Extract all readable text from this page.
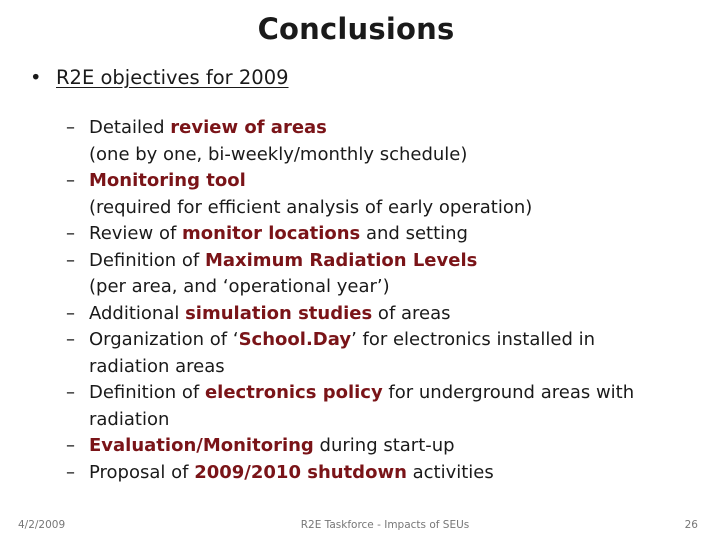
Conclusions
• R2E objectives for 2009
– Detailed review of areas
(one by one, bi-weekly/monthly schedule)
– Monitoring tool
(required for efficient analysis of early operation)
– Review of monitor locations and setting
– Definition of Maximum Radiation Levels
(per area, and ‘operational year’)
– Additional simulation studies of areas
– Organization of ‘School.Day’ for electronics installed in
radiation areas
– Definition of electronics policy for underground areas with
radiation
– Evaluation/Monitoring during start-up
– Proposal of 2009/2010 shutdown activities
4/2/2009	R2E Taskforce - Impacts of SEUs	26
